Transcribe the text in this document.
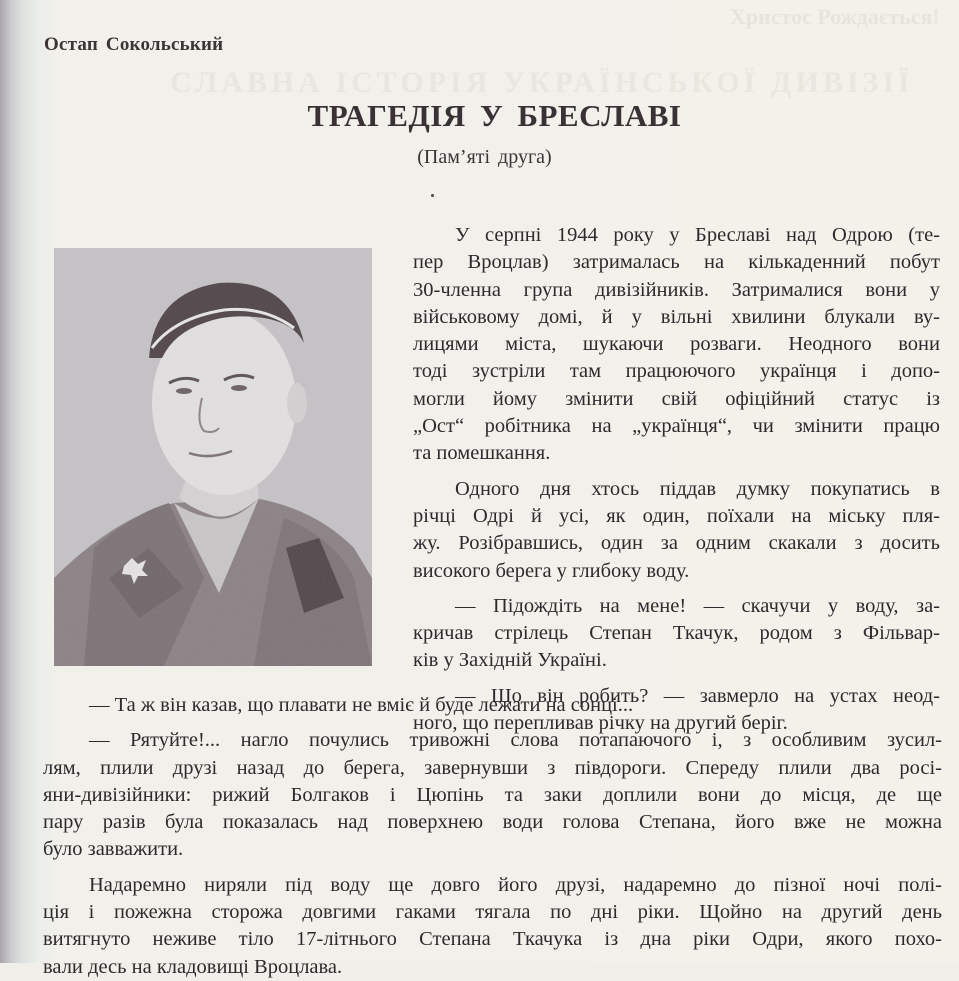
Христос Рождається!
СЛАВНА ІСТОРІЯ УКРАЇНСЬКОЇ ДИВІЗІЇ
Остап Сокольський
ТРАГЕДІЯ У БРЕСЛАВІ
(Пам’яті друга)
У серпні 1944 року у Бреславі над Одрою (те-
пер Вроцлав) затрималась на кількаденний побут
30-членна група дивізійників. Затрималися вони у
військовому домі, й у вільні хвилини блукали ву-
лицями міста, шукаючи розваги. Неодного вони
тоді зустріли там працюючого українця і допо-
могли йому змінити свій офіційний статус із
„Ост“ робітника на „українця“, чи змінити працю
та помешкання.
Одного дня хтось піддав думку покупатись в
річці Одрі й усі, як один, поїхали на міську пля-
жу. Розібравшись, один за одним скакали з досить
високого берега у глибоку воду.
— Підождіть на мене! — скачучи у воду, за-
кричав стрілець Степан Ткачук, родом з Фільвар-
ків у Західній Україні.
— Що він робить? — завмерло на устах неод-
ного, що перепливав річку на другий беріг.
— Та ж він казав, що плавати не вміє й буде лежати на сонці...
— Рятуйте!... нагло почулись тривожні слова потапаючого і, з особливим зусил-
лям, плили друзі назад до берега, завернувши з півдороги. Спереду плили два росі-
яни-дивізійники: рижий Болгаков і Цюпінь та заки доплили вони до місця, де ще
пару разів була показалась над поверхнею води голова Степана, його вже не можна
було завважити.
Надаремно ниряли під воду ще довго його друзі, надаремно до пізної ночі полі-
ція і пожежна сторожа довгими гаками тягала по дні ріки. Щойно на другий день
витягнуто неживе тіло 17-літнього Степана Ткачука із дна ріки Одри, якого похо-
вали десь на кладовищі Вроцлава.
